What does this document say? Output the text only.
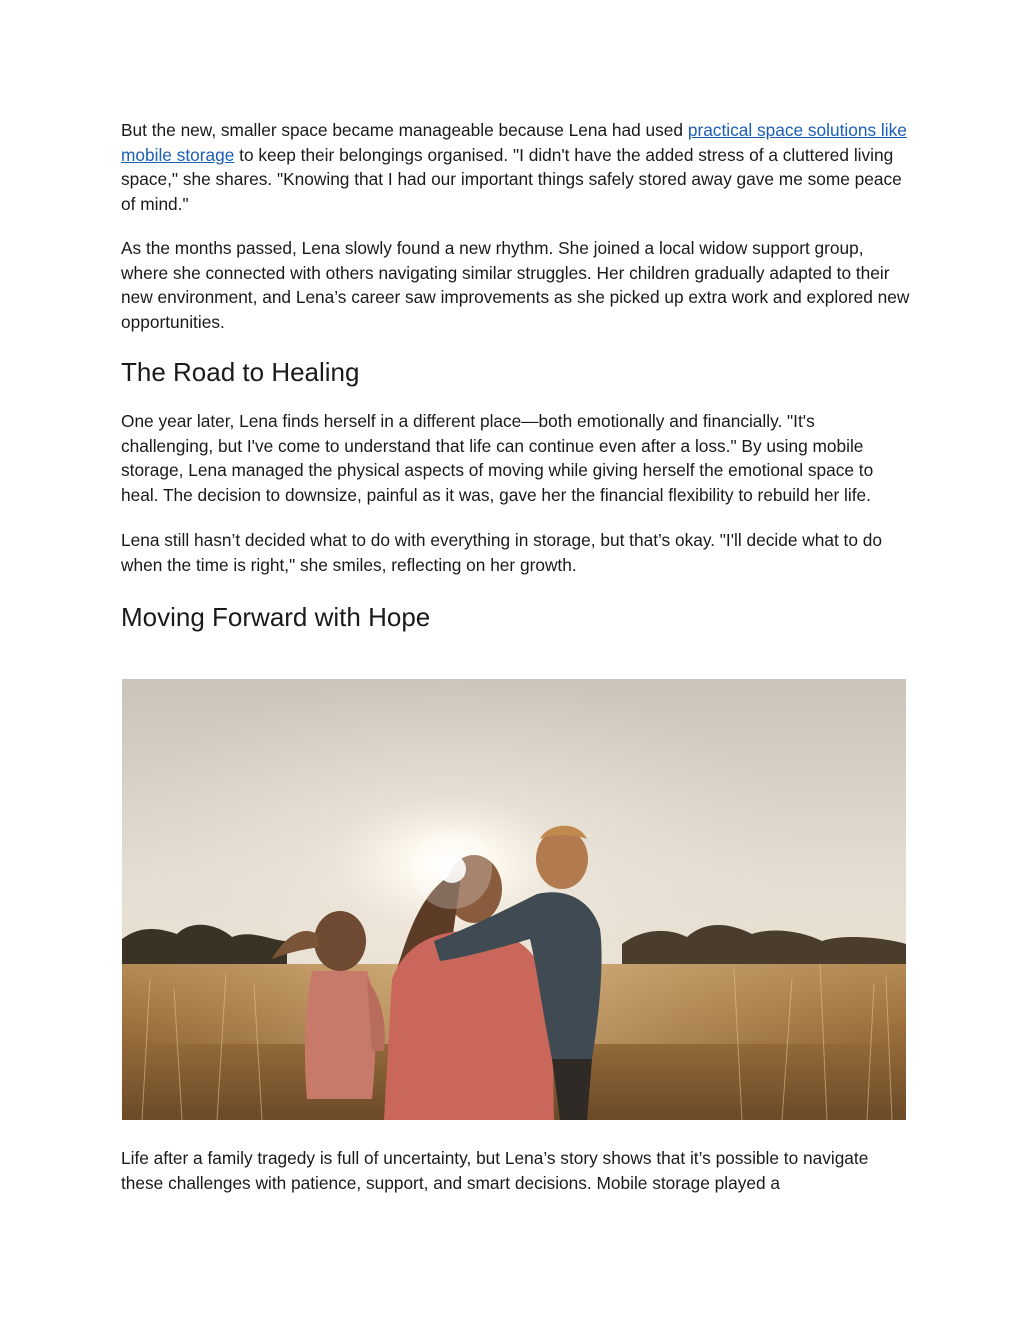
But the new, smaller space became manageable because Lena had used practical space solutions like mobile storage to keep their belongings organised. "I didn't have the added stress of a cluttered living space," she shares. "Knowing that I had our important things safely stored away gave me some peace of mind."

As the months passed, Lena slowly found a new rhythm. She joined a local widow support group, where she connected with others navigating similar struggles. Her children gradually adapted to their new environment, and Lena’s career saw improvements as she picked up extra work and explored new opportunities.

The Road to Healing

One year later, Lena finds herself in a different place—both emotionally and financially. "It's challenging, but I've come to understand that life can continue even after a loss." By using mobile storage, Lena managed the physical aspects of moving while giving herself the emotional space to heal. The decision to downsize, painful as it was, gave her the financial flexibility to rebuild her life.

Lena still hasn’t decided what to do with everything in storage, but that’s okay. "I'll decide what to do when the time is right," she smiles, reflecting on her growth.

Moving Forward with Hope

Life after a family tragedy is full of uncertainty, but Lena’s story shows that it’s possible to navigate these challenges with patience, support, and smart decisions. Mobile storage played a
